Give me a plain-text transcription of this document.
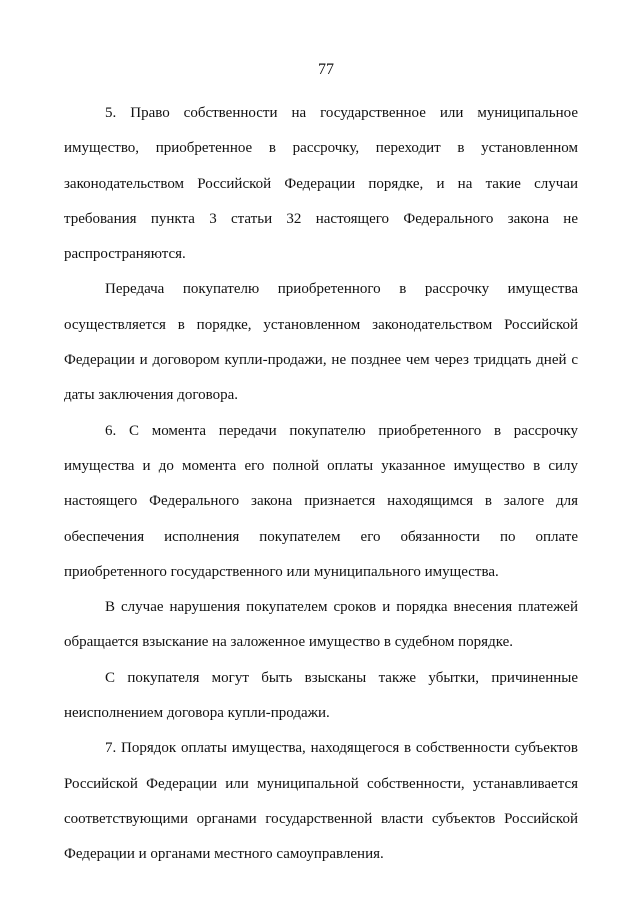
77

5. Право собственности на государственное или муниципальное имущество, приобретенное в рассрочку, переходит в установленном законодательством Российской Федерации порядке, и на такие случаи требования пункта 3 статьи 32 настоящего Федерального закона не распространяются.

Передача покупателю приобретенного в рассрочку имущества осуществляется в порядке, установленном законодательством Российской Федерации и договором купли-продажи, не позднее чем через тридцать дней с даты заключения договора.

6. С момента передачи покупателю приобретенного в рассрочку имущества и до момента его полной оплаты указанное имущество в силу настоящего Федерального закона признается находящимся в залоге для обеспечения исполнения покупателем его обязанности по оплате приобретенного государственного или муниципального имущества.

В случае нарушения покупателем сроков и порядка внесения платежей обращается взыскание на заложенное имущество в судебном порядке.

С покупателя могут быть взысканы также убытки, причиненные неисполнением договора купли-продажи.

7. Порядок оплаты имущества, находящегося в собственности субъектов Российской Федерации или муниципальной собственности, устанавливается соответствующими органами государственной власти субъектов Российской Федерации и органами местного самоуправления.
